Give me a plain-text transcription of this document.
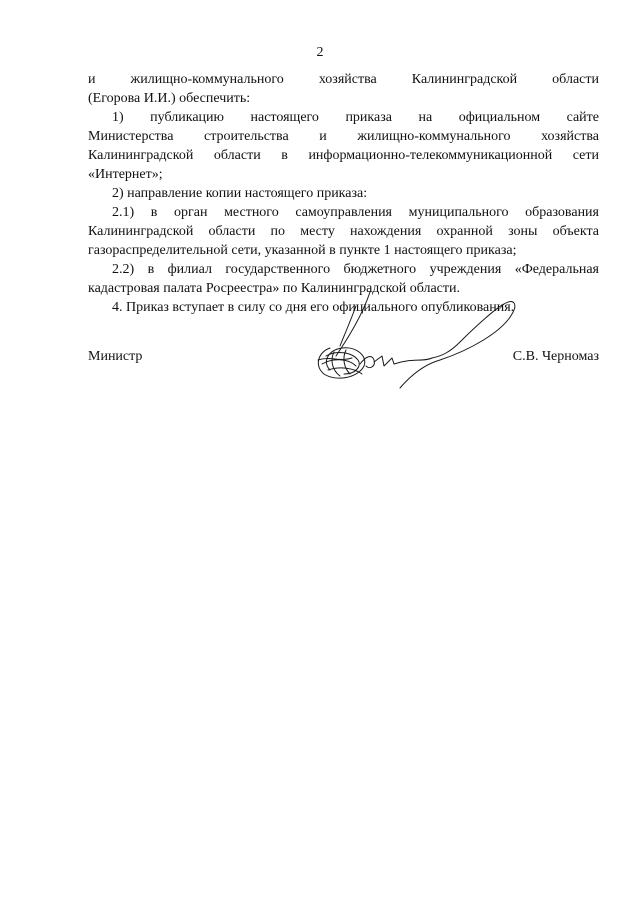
2
и жилищно-коммунального хозяйства Калининградской области
(Егорова И.И.) обеспечить:
1) публикацию настоящего приказа на официальном сайте
Министерства строительства и жилищно-коммунального хозяйства
Калининградской области в информационно-телекоммуникационной сети
«Интернет»;
2) направление копии настоящего приказа:
2.1) в орган местного самоуправления муниципального образования
Калининградской области по месту нахождения охранной зоны объекта
газораспределительной сети, указанной в пункте 1 настоящего приказа;
2.2) в филиал государственного бюджетного учреждения «Федеральная
кадастровая палата Росреестра» по Калининградской области.
4. Приказ вступает в силу со дня его официального опубликования.
Министр	С.В. Черномаз
